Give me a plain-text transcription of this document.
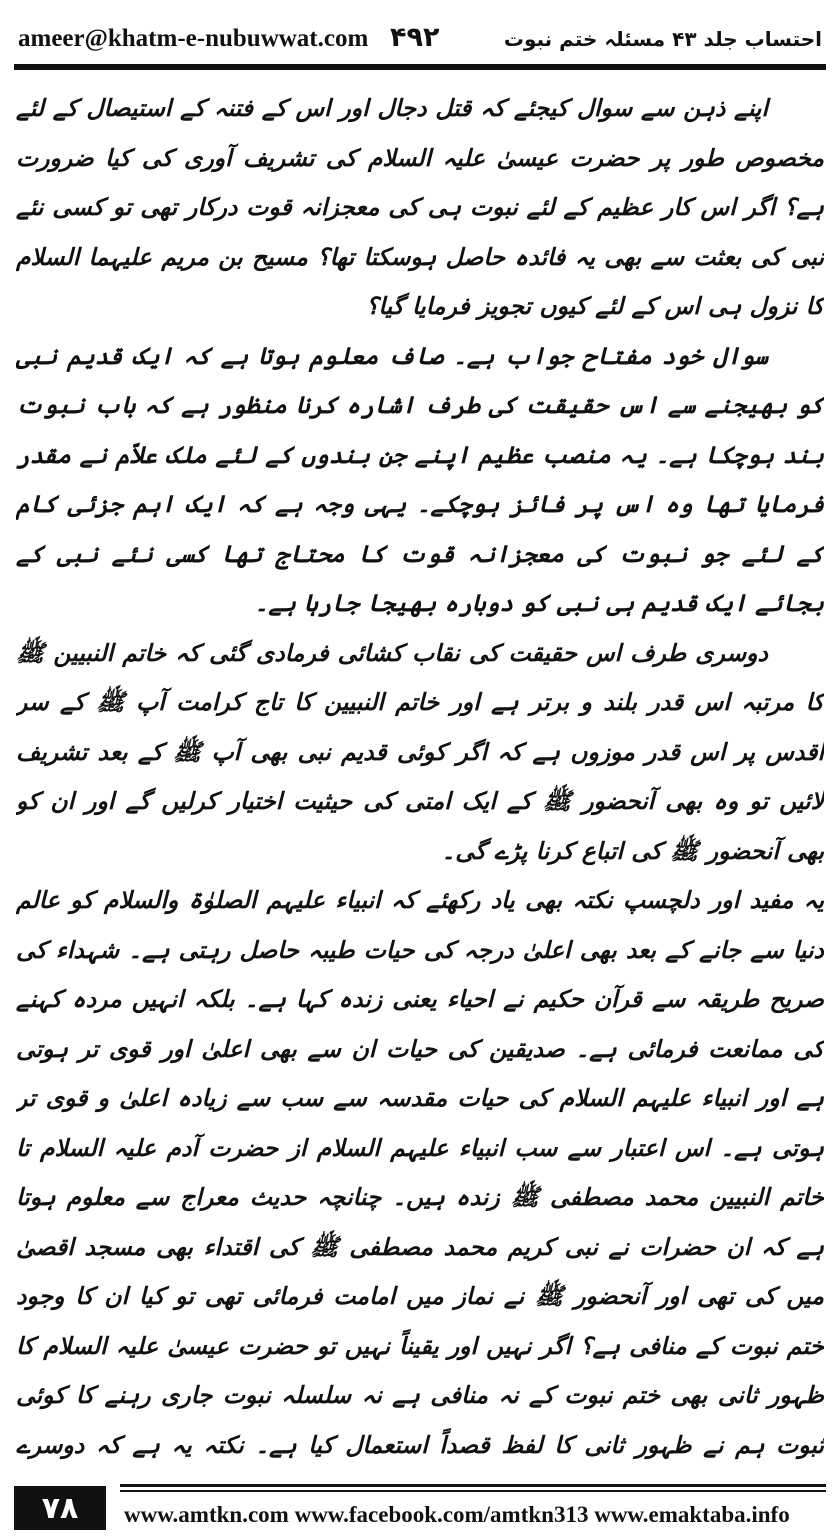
ameer@khatm-e-nubuwwat.com ۴۹۲	احتساب جلد ۴۳ مسئلہ ختم نبوت

اپنے ذہن سے سوال کیجئے کہ قتل دجال اور اس کے فتنہ کے استیصال کے لئے مخصوص طور پر حضرت عیسیٰ علیہ السلام کی تشریف آوری کی کیا ضرورت ہے؟ اگر اس کار عظیم کے لئے نبوت ہی کی معجزانہ قوت درکار تھی تو کسی نئے نبی کی بعثت سے بھی یہ فائدہ حاصل ہوسکتا تھا؟ مسیح بن مریم علیہما السلام کا نزول ہی اس کے لئے کیوں تجویز فرمایا گیا؟

سوال خود مفتاح جواب ہے۔ صاف معلوم ہوتا ہے کہ ایک قدیم نبی کو بھیجنے سے اس حقیقت کی طرف اشارہ کرنا منظور ہے کہ باب نبوت بند ہوچکا ہے۔ یہ منصب عظیم اپنے جن بندوں کے لئے ملک علاّم نے مقدر فرمایا تھا وہ اس پر فائز ہوچکے۔ یہی وجہ ہے کہ ایک اہم جزئی کام کے لئے جو نبوت کی معجزانہ قوت کا محتاج تھا کسی نئے نبی کے بجائے ایک قدیم ہی نبی کو دوبارہ بھیجا جارہا ہے۔

دوسری طرف اس حقیقت کی نقاب کشائی فرمادی گئی کہ خاتم النبیین ﷺ کا مرتبہ اس قدر بلند و برتر ہے اور خاتم النبیین کا تاج کرامت آپ ﷺ کے سر اقدس پر اس قدر موزوں ہے کہ اگر کوئی قدیم نبی بھی آپ ﷺ کے بعد تشریف لائیں تو وہ بھی آنحضور ﷺ کے ایک امتی کی حیثیت اختیار کرلیں گے اور ان کو بھی آنحضور ﷺ کی اتباع کرنا پڑے گی۔

یہ مفید اور دلچسپ نکتہ بھی یاد رکھئے کہ انبیاء علیہم الصلوٰۃ والسلام کو عالم دنیا سے جانے کے بعد بھی اعلیٰ درجہ کی حیات طیبہ حاصل رہتی ہے۔ شہداء کی صریح طریقہ سے قرآن حکیم نے احیاء یعنی زندہ کہا ہے۔ بلکہ انہیں مردہ کہنے کی ممانعت فرمائی ہے۔ صدیقین کی حیات ان سے بھی اعلیٰ اور قوی تر ہوتی ہے اور انبیاء علیہم السلام کی حیات مقدسہ سے سب سے زیادہ اعلیٰ و قوی تر ہوتی ہے۔ اس اعتبار سے سب انبیاء علیہم السلام از حضرت آدم علیہ السلام تا خاتم النبیین محمد مصطفی ﷺ زندہ ہیں۔ چنانچہ حدیث معراج سے معلوم ہوتا ہے کہ ان حضرات نے نبی کریم محمد مصطفی ﷺ کی اقتداء بھی مسجد اقصیٰ میں کی تھی اور آنحضور ﷺ نے نماز میں امامت فرمائی تھی تو کیا ان کا وجود ختم نبوت کے منافی ہے؟ اگر نہیں اور یقیناً نہیں تو حضرت عیسیٰ علیہ السلام کا ظہور ثانی بھی ختم نبوت کے نہ منافی ہے نہ سلسلہ نبوت جاری رہنے کا کوئی ثبوت ہم نے ظہور ثانی کا لفظ قصداً استعمال کیا ہے۔ نکتہ یہ ہے کہ دوسرے

۷۸	www.amtkn.com www.facebook.com/amtkn313 www.emaktaba.info
